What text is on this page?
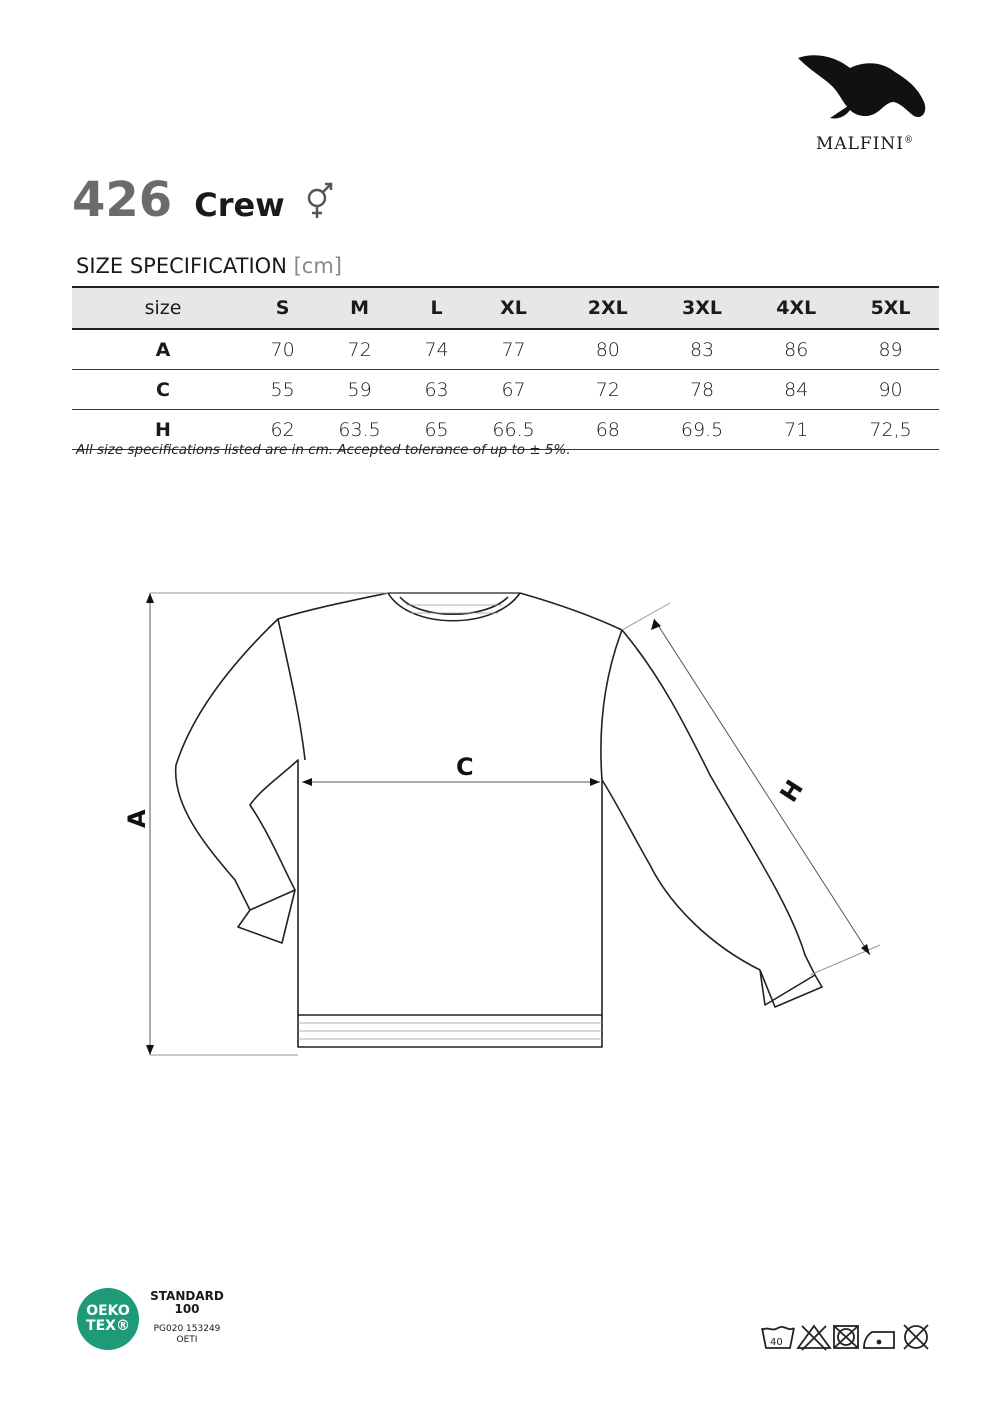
MALFINI®
426 Crew
SIZE SPECIFICATION [cm]
size	S	M	L	XL	2XL	3XL	4XL	5XL
A	70	72	74	77	80	83	86	89
C	55	59	63	67	72	78	84	90
H	62	63.5	65	66.5	68	69.5	71	72,5
All size specifications listed are in cm. Accepted tolerance of up to ± 5%.
A
C
H
OEKO
TEX®
STANDARD
100
PG020 153249
OETI	40
